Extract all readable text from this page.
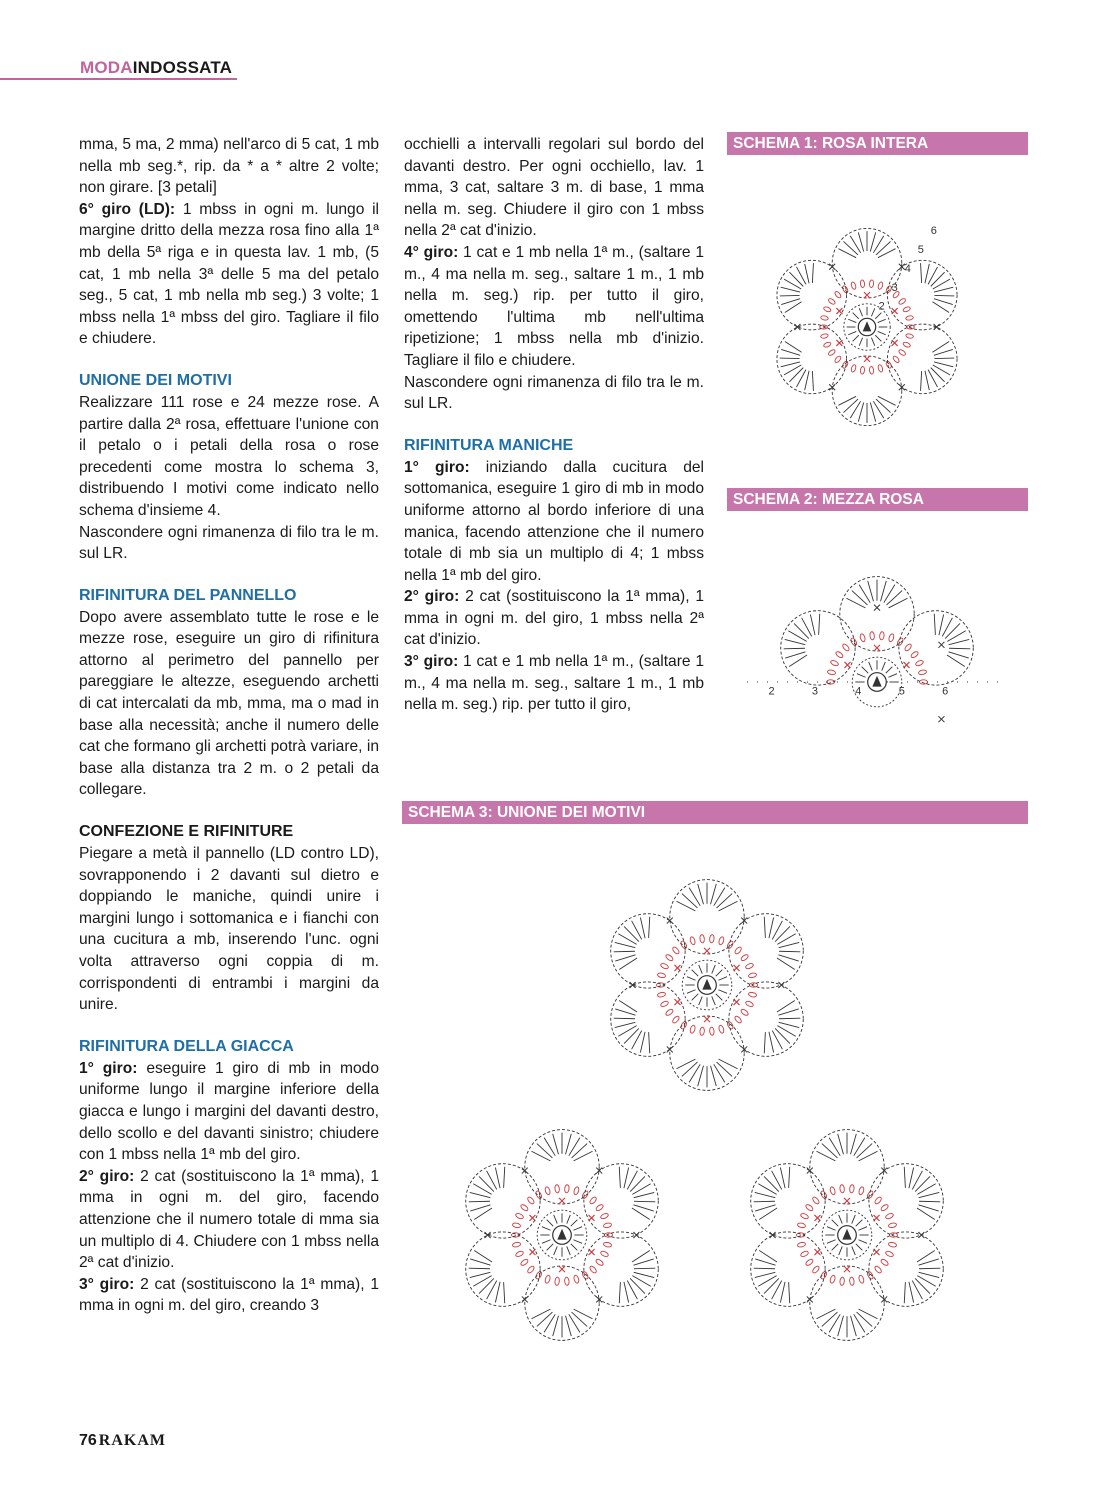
MODAINDOSSATA

mma, 5 ma, 2 mma) nell'arco di 5 cat, 1 mb nella mb seg.*, rip. da * a * altre 2 volte; non girare. [3 petali]

6° giro (LD): 1 mbss in ogni m. lungo il margine dritto della mezza rosa fino alla 1ª mb della 5ª riga e in questa lav. 1 mb, (5 cat, 1 mb nella 3ª delle 5 ma del petalo seg., 5 cat, 1 mb nella mb seg.) 3 volte; 1 mbss nella 1ª mbss del giro. Tagliare il filo e chiudere.

UNIONE DEI MOTIVI

Realizzare 111 rose e 24 mezze rose. A partire dalla 2ª rosa, effettuare l'unione con il petalo o i petali della rosa o rose precedenti come mostra lo schema 3, distribuendo I motivi come indicato nello schema d'insieme 4.

Nascondere ogni rimanenza di filo tra le m. sul LR.

RIFINITURA DEL PANNELLO

Dopo avere assemblato tutte le rose e le mezze rose, eseguire un giro di rifinitura attorno al perimetro del pannello per pareggiare le altezze, eseguendo archetti di cat intercalati da mb, mma, ma o mad in base alla necessità; anche il numero delle cat che formano gli archetti potrà variare, in base alla distanza tra 2 m. o 2 petali da collegare.

CONFEZIONE E RIFINITURE

Piegare a metà il pannello (LD contro LD), sovrapponendo i 2 davanti sul dietro e doppiando le maniche, quindi unire i margini lungo i sottomanica e i fianchi con una cucitura a mb, inserendo l'unc. ogni volta attraverso ogni coppia di m. corrispondenti di entrambi i margini da unire.

RIFINITURA DELLA GIACCA

1° giro: eseguire 1 giro di mb in modo uniforme lungo il margine inferiore della giacca e lungo i margini del davanti destro, dello scollo e del davanti sinistro; chiudere con 1 mbss nella 1ª mb del giro.

2° giro: 2 cat (sostituiscono la 1ª mma), 1 mma in ogni m. del giro, facendo attenzione che il numero totale di mma sia un multiplo di 4. Chiudere con 1 mbss nella 2ª cat d'inizio.

3° giro: 2 cat (sostituiscono la 1ª mma), 1 mma in ogni m. del giro, creando 3

occhielli a intervalli regolari sul bordo del davanti destro. Per ogni occhiello, lav. 1 mma, 3 cat, saltare 3 m. di base, 1 mma nella m. seg. Chiudere il giro con 1 mbss nella 2ª cat d'inizio.

4° giro: 1 cat e 1 mb nella 1ª m., (saltare 1 m., 4 ma nella m. seg., saltare 1 m., 1 mb nella m. seg.) rip. per tutto il giro, omettendo l'ultima mb nell'ultima ripetizione; 1 mbss nella mb d'inizio. Tagliare il filo e chiudere.

Nascondere ogni rimanenza di filo tra le m. sul LR.

RIFINITURA MANICHE

1° giro: iniziando dalla cucitura del sottomanica, eseguire 1 giro di mb in modo uniforme attorno al bordo inferiore di una manica, facendo attenzione che il numero totale di mb sia un multiplo di 4; 1 mbss nella 1ª mb del giro.

2° giro: 2 cat (sostituiscono la 1ª mma), 1 mma in ogni m. del giro, 1 mbss nella 2ª cat d'inizio.

3° giro: 1 cat e 1 mb nella 1ª m., (saltare 1 m., 4 ma nella m. seg., saltare 1 m., 1 mb nella m. seg.) rip. per tutto il giro,

SCHEMA 1: ROSA INTERA
SCHEMA 2: MEZZA ROSA
SCHEMA 3: UNIONE DEI MOTIVI
2
3
4
5
6
2	3	4	5	6
76 RAKAM
